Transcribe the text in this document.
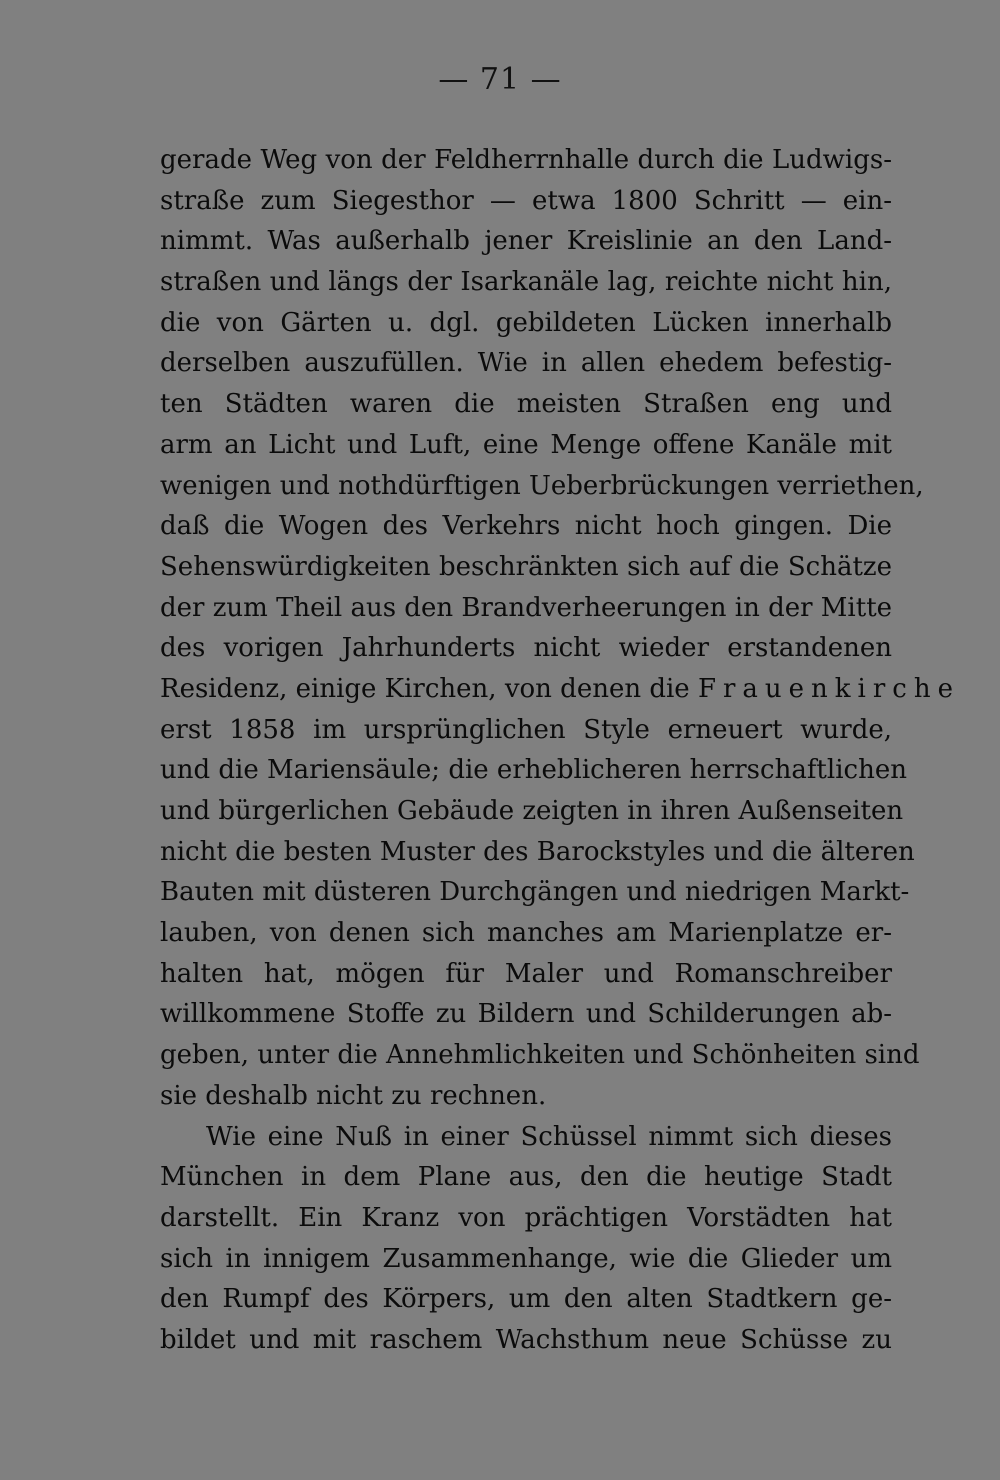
— 71 —
gerade Weg von der Feldherrnhalle durch die Ludwigs-
straße zum Siegesthor — etwa 1800 Schritt — ein-
nimmt. Was außerhalb jener Kreislinie an den Land-
straßen und längs der Isarkanäle lag, reichte nicht hin,
die von Gärten u. dgl. gebildeten Lücken innerhalb
derselben auszufüllen. Wie in allen ehedem befestig-
ten Städten waren die meisten Straßen eng und
arm an Licht und Luft, eine Menge offene Kanäle mit
wenigen und nothdürftigen Ueberbrückungen verriethen,
daß die Wogen des Verkehrs nicht hoch gingen. Die
Sehenswürdigkeiten beschränkten sich auf die Schätze
der zum Theil aus den Brandverheerungen in der Mitte
des vorigen Jahrhunderts nicht wieder erstandenen
Residenz, einige Kirchen, von denen die Frauenkirche
erst 1858 im ursprünglichen Style erneuert wurde,
und die Mariensäule; die erheblicheren herrschaftlichen
und bürgerlichen Gebäude zeigten in ihren Außenseiten
nicht die besten Muster des Barockstyles und die älteren
Bauten mit düsteren Durchgängen und niedrigen Markt-
lauben, von denen sich manches am Marienplatze er-
halten hat, mögen für Maler und Romanschreiber
willkommene Stoffe zu Bildern und Schilderungen ab-
geben, unter die Annehmlichkeiten und Schönheiten sind
sie deshalb nicht zu rechnen.
Wie eine Nuß in einer Schüssel nimmt sich dieses
München in dem Plane aus, den die heutige Stadt
darstellt. Ein Kranz von prächtigen Vorstädten hat
sich in innigem Zusammenhange, wie die Glieder um
den Rumpf des Körpers, um den alten Stadtkern ge-
bildet und mit raschem Wachsthum neue Schüsse zu
